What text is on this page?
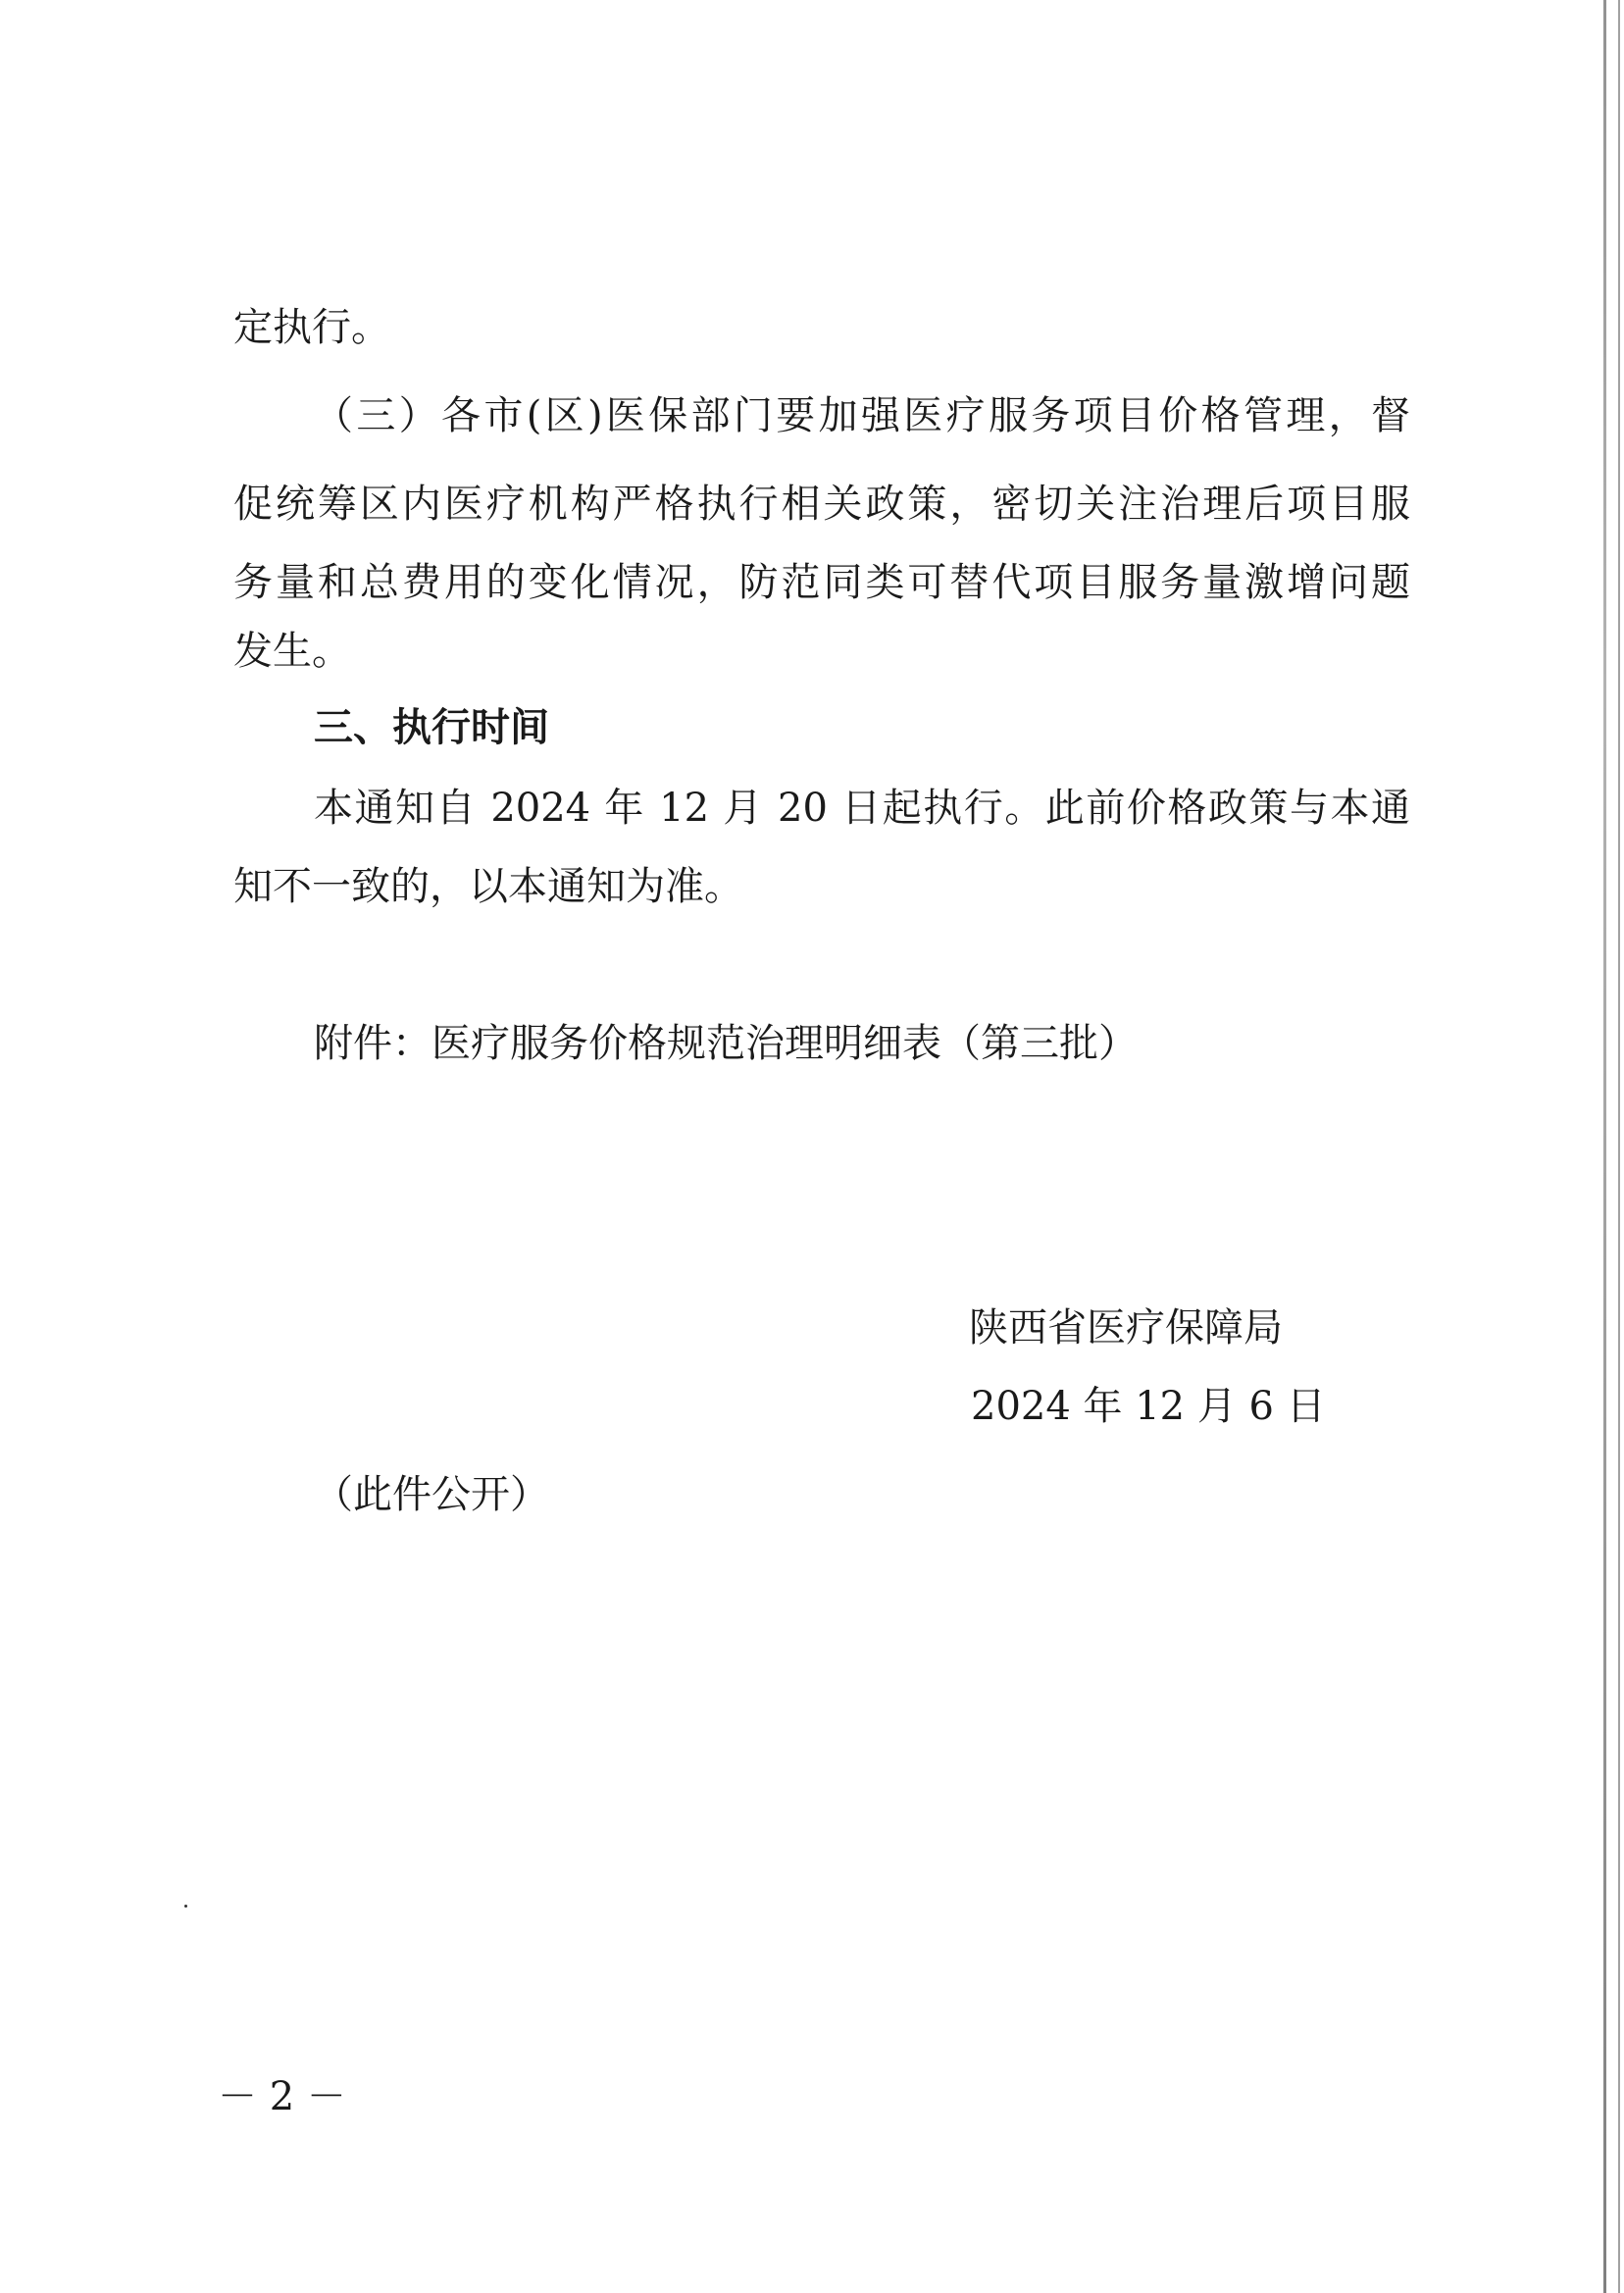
定执行。
（三）各市(区)医保部门要加强医疗服务项目价格管理，督
促统筹区内医疗机构严格执行相关政策，密切关注治理后项目服
务量和总费用的变化情况，防范同类可替代项目服务量激增问题
发生。
三、执行时间
本通知自 2024 年 12 月 20 日起执行。此前价格政策与本通
知不一致的，以本通知为准。
附件：医疗服务价格规范治理明细表（第三批）
陕西省医疗保障局
2024 年 12 月 6 日
（此件公开）
－ 2 －
